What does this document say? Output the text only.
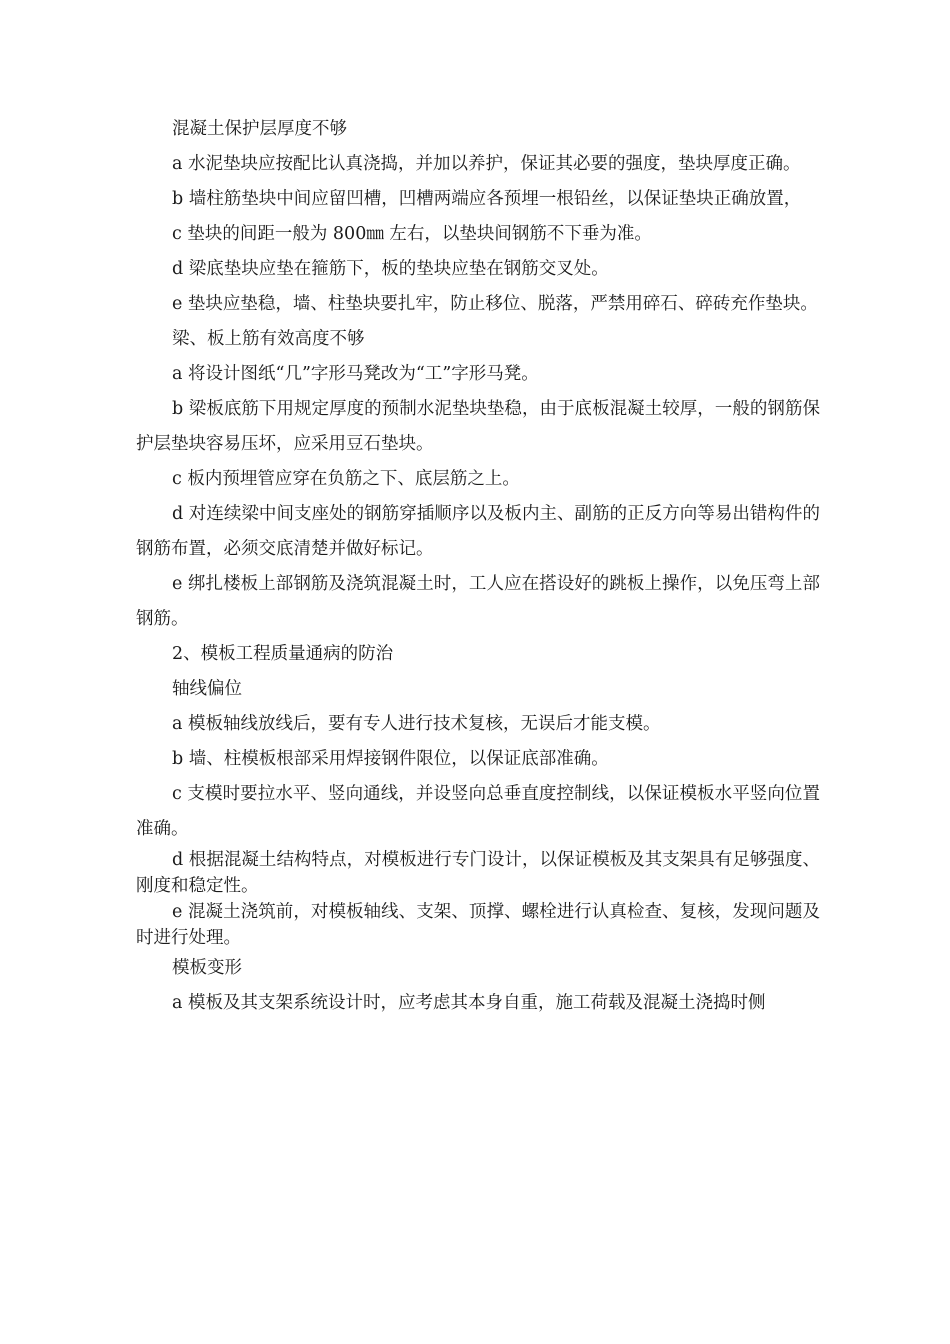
混凝土保护层厚度不够

a 水泥垫块应按配比认真浇捣，并加以养护，保证其必要的强度，垫块厚度正确。

b 墙柱筋垫块中间应留凹槽，凹槽两端应各预埋一根铅丝，以保证垫块正确放置，

c 垫块的间距一般为 800㎜ 左右，以垫块间钢筋不下垂为准。

d 梁底垫块应垫在箍筋下，板的垫块应垫在钢筋交叉处。

e 垫块应垫稳，墙、柱垫块要扎牢，防止移位、脱落，严禁用碎石、碎砖充作垫块。

梁、板上筋有效高度不够

a 将设计图纸“几”字形马凳改为“工”字形马凳。

b 梁板底筋下用规定厚度的预制水泥垫块垫稳，由于底板混凝土较厚，一般的钢筋保护层垫块容易压坏，应采用豆石垫块。

c 板内预埋管应穿在负筋之下、底层筋之上。

d 对连续梁中间支座处的钢筋穿插顺序以及板内主、副筋的正反方向等易出错构件的钢筋布置，必须交底清楚并做好标记。

e 绑扎楼板上部钢筋及浇筑混凝土时，工人应在搭设好的跳板上操作，以免压弯上部钢筋。

2、模板工程质量通病的防治

轴线偏位

a 模板轴线放线后，要有专人进行技术复核，无误后才能支模。

b 墙、柱模板根部采用焊接钢件限位，以保证底部准确。

c 支模时要拉水平、竖向通线，并设竖向总垂直度控制线，以保证模板水平竖向位置准确。

d 根据混凝土结构特点，对模板进行专门设计，以保证模板及其支架具有足够强度、刚度和稳定性。

e 混凝土浇筑前，对模板轴线、支架、顶撑、螺栓进行认真检查、复核，发现问题及时进行处理。

模板变形

a 模板及其支架系统设计时，应考虑其本身自重，施工荷载及混凝土浇捣时侧
